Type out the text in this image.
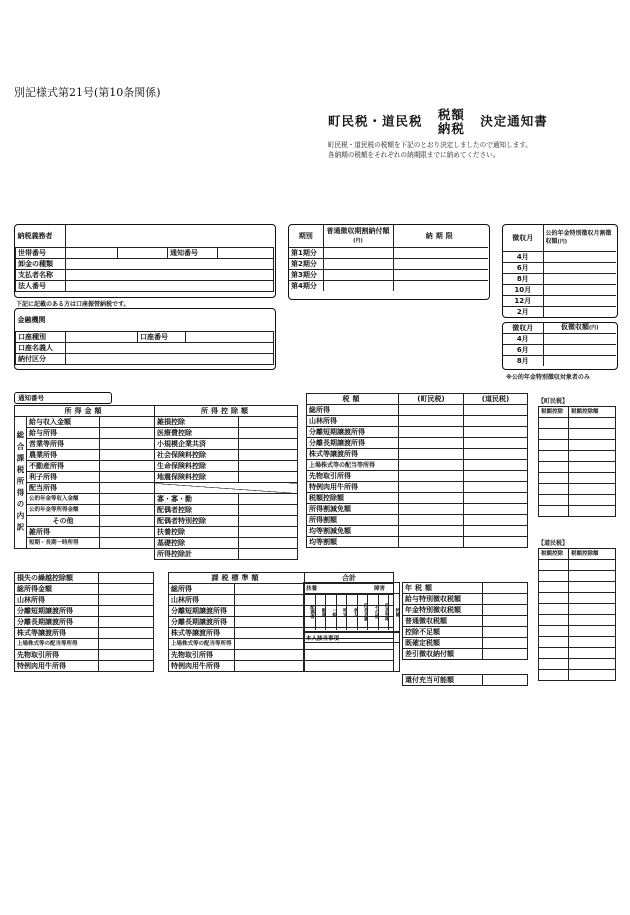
別記様式第21号(第10条関係)
町民税・道民税 税額
納税 決定通知書
町民税・道民税の税額を下記のとおり決定しましたので通知します。
各納期の税額をそれぞれの納期限までに納めてください。
納税義務者				
世帯番号			通知番号	
卸金の種類				
支払者名称				
法人番号				
下記に記載のある方は口座振替納税です。
金融機関			
口座種別		口座番号	
口座名義人			
納付区分			
期別	普通徴収期割納付額(円)	納期限
第1期分		
第2期分		
第3期分		
第4期分		
徴収月	公的年金特別徴収月割徴収額(円)
4月	
6月	
8月	
10月	
12月	
2月	
徴収月	仮徴収額(円)
4月	
6月	
8月	
※公的年金特別徴収対象者のみ
通知番号
所得金額			所得控除額	
総合課税所得の内訳	給与収入金額		雑損控除	
	給与所得		医療費控除	
	営業等所得		小規模企業共済	
	農業所得		社会保険料控除	
	不動産所得		生命保険料控除	
	利子所得		地震保険料控除	
	配当所得			
	公的年金等収入金額		寡・寡・勤	
	公的年金等所得金額		配偶者控除	
	その他		配偶者特別控除	
	雑所得		扶養控除	
	短期・長期一時所得		基礎控除	
			所得控除計	
税額	(町民税)	(道民税)
総所得		
山林所得		
分離短期譲渡所得		
分離長期譲渡所得		
株式等譲渡所得		
上場株式等の配当等所得		
先物取引所得		
特例肉用牛所得		
税額控除額		
所得割減免額		
所得割額		
均等割減免額		
均等割額		
【町民税】
税額控除	税額控除額

【道民税】
税額控除	税額控除額

損失の繰越控除額	
総所得金額	
山林所得	
分離短期譲渡所得	
分離長期譲渡所得	
株式等譲渡所得	
上場株式等の配当等所得	
先物取引所得	
特例肉用牛所得	
課税標準額		合計
総所得		
山林所得		
分離短期譲渡所得		
分離長期譲渡所得		
株式等譲渡所得		
上場株式等の配当等所得		
先物取引所得		
特例肉用牛所得		
扶養	障害
配偶者	配偶	一般	特定	老人	同居老親	その他	同居特障	特障
本人該当事項
年税額	
給与特別徴収税額	
年金特別徴収税額	
普通徴収税額	
控除不足額	
既確定税額	
差引徴収納付額	

還付充当可能額	
